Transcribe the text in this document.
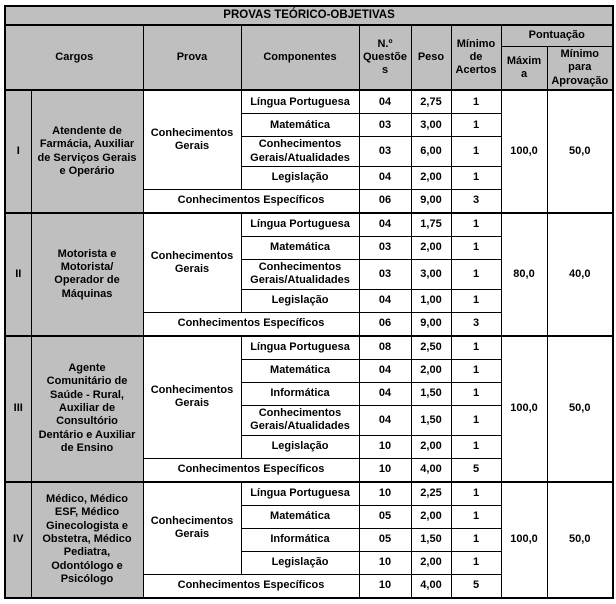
PROVAS TEÓRICO-OBJETIVAS								
Cargos		Prova	Componentes	N.º Questões	Peso	Mínimo de Acertos	Pontuação	
							Máxima	Mínimo para Aprovação
I	Atendente de Farmácia, Auxiliar de Serviços Gerais e Operário	Conhecimentos Gerais	Língua Portuguesa	04	2,75	1	100,0	50,0
			Matemática	03	3,00	1		
			Conhecimentos Gerais/Atualidades	03	6,00	1		
			Legislação	04	2,00	1		
		Conhecimentos Específicos		06	9,00	3		
II	Motorista e Motorista/ Operador de Máquinas	Conhecimentos Gerais	Língua Portuguesa	04	1,75	1	80,0	40,0
			Matemática	03	2,00	1		
			Conhecimentos Gerais/Atualidades	03	3,00	1		
			Legislação	04	1,00	1		
		Conhecimentos Específicos		06	9,00	3		
III	Agente Comunitário de Saúde - Rural, Auxiliar de Consultório Dentário e Auxiliar de Ensino	Conhecimentos Gerais	Língua Portuguesa	08	2,50	1	100,0	50,0
			Matemática	04	2,00	1		
			Informática	04	1,50	1		
			Conhecimentos Gerais/Atualidades	04	1,50	1		
			Legislação	10	2,00	1		
		Conhecimentos Específicos		10	4,00	5		
IV	Médico, Médico ESF, Médico Ginecologista e Obstetra, Médico Pediatra, Odontólogo e Psicólogo	Conhecimentos Gerais	Língua Portuguesa	10	2,25	1	100,0	50,0
			Matemática	05	2,00	1		
			Informática	05	1,50	1		
			Legislação	10	2,00	1		
		Conhecimentos Específicos		10	4,00	5		
